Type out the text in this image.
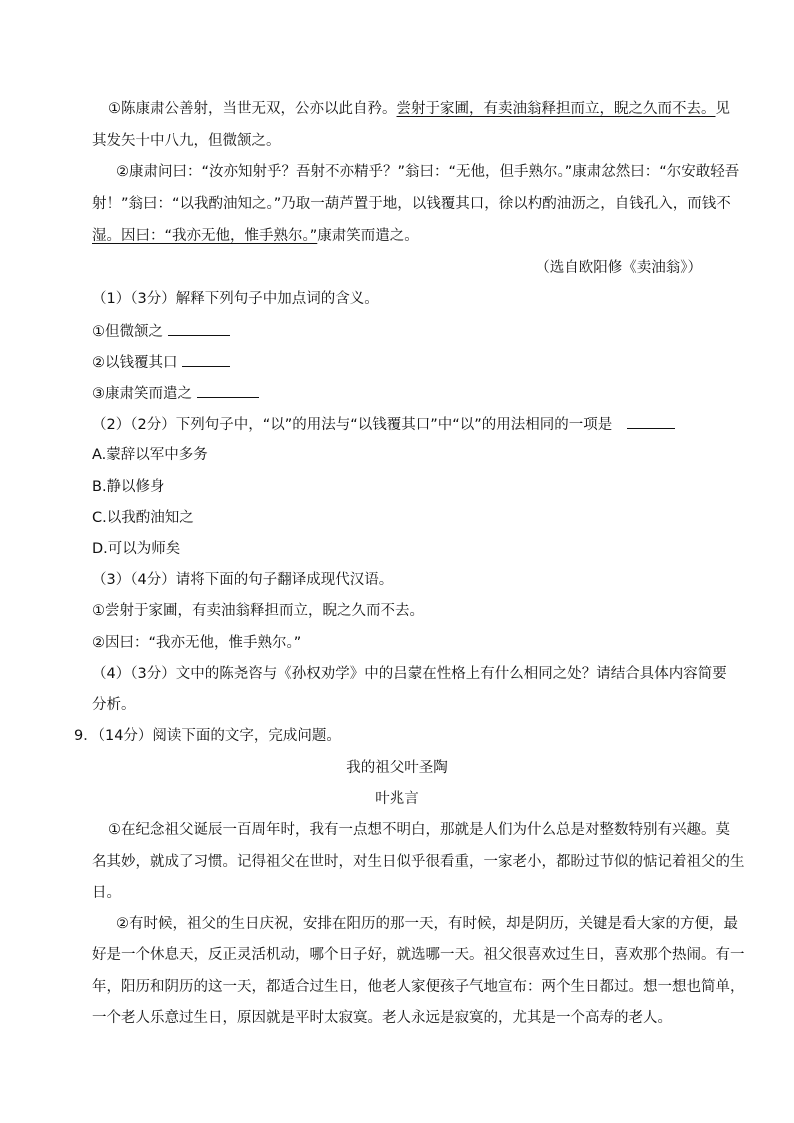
①陈康肃公善射，当世无双，公亦以此自矜。尝射于家圃，有卖油翁释担而立，睨之久而不去。见
其发矢十中八九，但微颔之。
②康肃问曰：“汝亦知射乎？吾射不亦精乎？”翁曰：“无他，但手熟尔。”康肃忿然曰：“尔安敢轻吾
射！”翁曰：“以我酌油知之。”乃取一葫芦置于地，以钱覆其口，徐以杓酌油沥之，自钱孔入，而钱不
湿。因曰：“我亦无他，惟手熟尔。”康肃笑而遣之。
（选自欧阳修《卖油翁》）
（1）（3分）解释下列句子中加点词的含义。
①但微颔之
②以钱覆其口
③康肃笑而遣之
（2）（2分）下列句子中，“以”的用法与“以钱覆其口”中“以”的用法相同的一项是
A.蒙辞以军中多务
B.静以修身
C.以我酌油知之
D.可以为师矣
（3）（4分）请将下面的句子翻译成现代汉语。
①尝射于家圃，有卖油翁释担而立，睨之久而不去。
②因曰：“我亦无他，惟手熟尔。”
（4）（3分）文中的陈尧咨与《孙权劝学》中的吕蒙在性格上有什么相同之处？请结合具体内容简要
分析。
9．（14分）阅读下面的文字，完成问题。
我的祖父叶圣陶
叶兆言
①在纪念祖父诞辰一百周年时，我有一点想不明白，那就是人们为什么总是对整数特别有兴趣。莫
名其妙，就成了习惯。记得祖父在世时，对生日似乎很看重，一家老小，都盼过节似的惦记着祖父的生
日。
②有时候，祖父的生日庆祝，安排在阳历的那一天，有时候，却是阴历，关键是看大家的方便，最
好是一个休息天，反正灵活机动，哪个日子好，就选哪一天。祖父很喜欢过生日，喜欢那个热闹。有一
年，阳历和阴历的这一天，都适合过生日，他老人家便孩子气地宣布：两个生日都过。想一想也简单，
一个老人乐意过生日，原因就是平时太寂寞。老人永远是寂寞的，尤其是一个高寿的老人。
